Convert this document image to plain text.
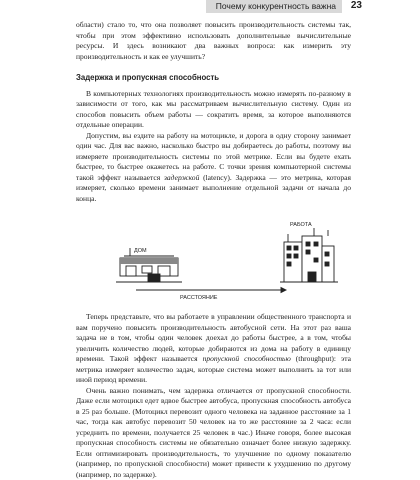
Почему конкурентность важна 23

области) стало то, что она позволяет повысить производительность системы так, чтобы при этом эффективно использовать дополнительные вычислительные ресурсы. И здесь возникают два важных вопроса: как измерить эту производительность и как ее улучшить?

Задержка и пропускная способность

В компьютерных технологиях производительность можно измерять по-разному в зависимости от того, как мы рассматриваем вычислительную систему. Один из способов повысить объем работы — сократить время, за которое выполняются отдельные операции.

Допустим, вы ездите на работу на мотоцикле, и дорога в одну сторону занимает один час. Для вас важно, насколько быстро вы добираетесь до работы, поэтому вы измеряете производительность системы по этой метрике. Если вы будете ехать быстрее, то быстрее окажетесь на работе. С точки зрения компьютерной системы такой эффект называется задержкой (latency). Задержка — это метрика, которая измеряет, сколько времени занимает выполнение отдельной задачи от начала до конца.

ДОМ
РАБОТА
РАССТОЯНИЕ

Теперь представьте, что вы работаете в управлении общественного транспорта и вам поручено повысить производительность автобусной сети. На этот раз ваша задача не в том, чтобы один человек доехал до работы быстрее, а в том, чтобы увеличить количество людей, которые добираются из дома на работу в единицу времени. Такой эффект называется пропускной способностью (throughput): эта метрика измеряет количество задач, которые система может выполнить за тот или иной период времени.

Очень важно понимать, чем задержка отличается от пропускной способности. Даже если мотоцикл едет вдвое быстрее автобуса, пропускная способность автобуса в 25 раз больше. (Мотоцикл перевозит одного человека на заданное расстояние за 1 час, тогда как автобус перевозит 50 человек на то же расстояние за 2 часа: если усреднить по времени, получается 25 человек в час.) Иначе говоря, более высокая пропускная способность системы не обязательно означает более низкую задержку. Если оптимизировать производительность, то улучшение по одному показателю (например, по пропускной способности) может привести к ухудшению по другому (например, по задержке).
